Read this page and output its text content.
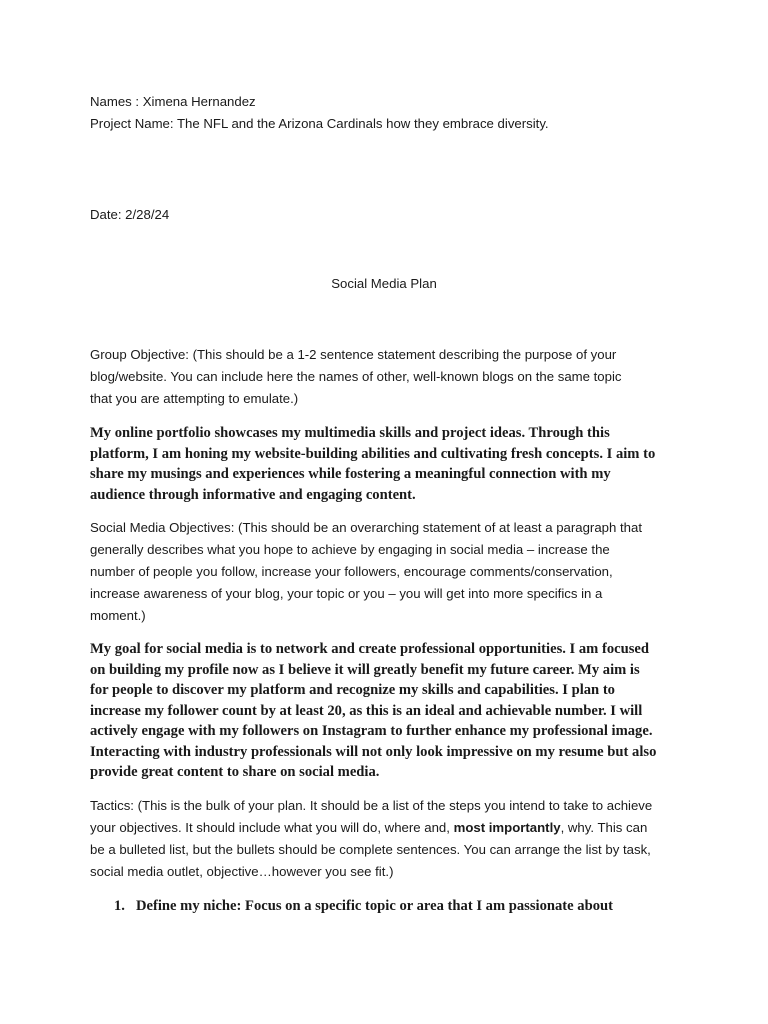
Names : Ximena Hernandez
Project Name: The NFL and the Arizona Cardinals how they embrace diversity.
Date: 2/28/24
Social Media Plan
Group Objective: (This should be a 1-2 sentence statement describing the purpose of your
blog/website. You can include here the names of other, well-known blogs on the same topic
that you are attempting to emulate.)
My online portfolio showcases my multimedia skills and project ideas. Through this
platform, I am honing my website-building abilities and cultivating fresh concepts. I aim to
share my musings and experiences while fostering a meaningful connection with my
audience through informative and engaging content.
Social Media Objectives: (This should be an overarching statement of at least a paragraph that
generally describes what you hope to achieve by engaging in social media – increase the
number of people you follow, increase your followers, encourage comments/conservation,
increase awareness of your blog, your topic or you – you will get into more specifics in a
moment.)
My goal for social media is to network and create professional opportunities. I am focused
on building my profile now as I believe it will greatly benefit my future career. My aim is
for people to discover my platform and recognize my skills and capabilities. I plan to
increase my follower count by at least 20, as this is an ideal and achievable number. I will
actively engage with my followers on Instagram to further enhance my professional image.
Interacting with industry professionals will not only look impressive on my resume but also
provide great content to share on social media.
Tactics: (This is the bulk of your plan. It should be a list of the steps you intend to take to achieve
your objectives. It should include what you will do, where and, most importantly, why. This can
be a bulleted list, but the bullets should be complete sentences. You can arrange the list by task,
social media outlet, objective…however you see fit.)
1. Define my niche: Focus on a specific topic or area that I am passionate about
